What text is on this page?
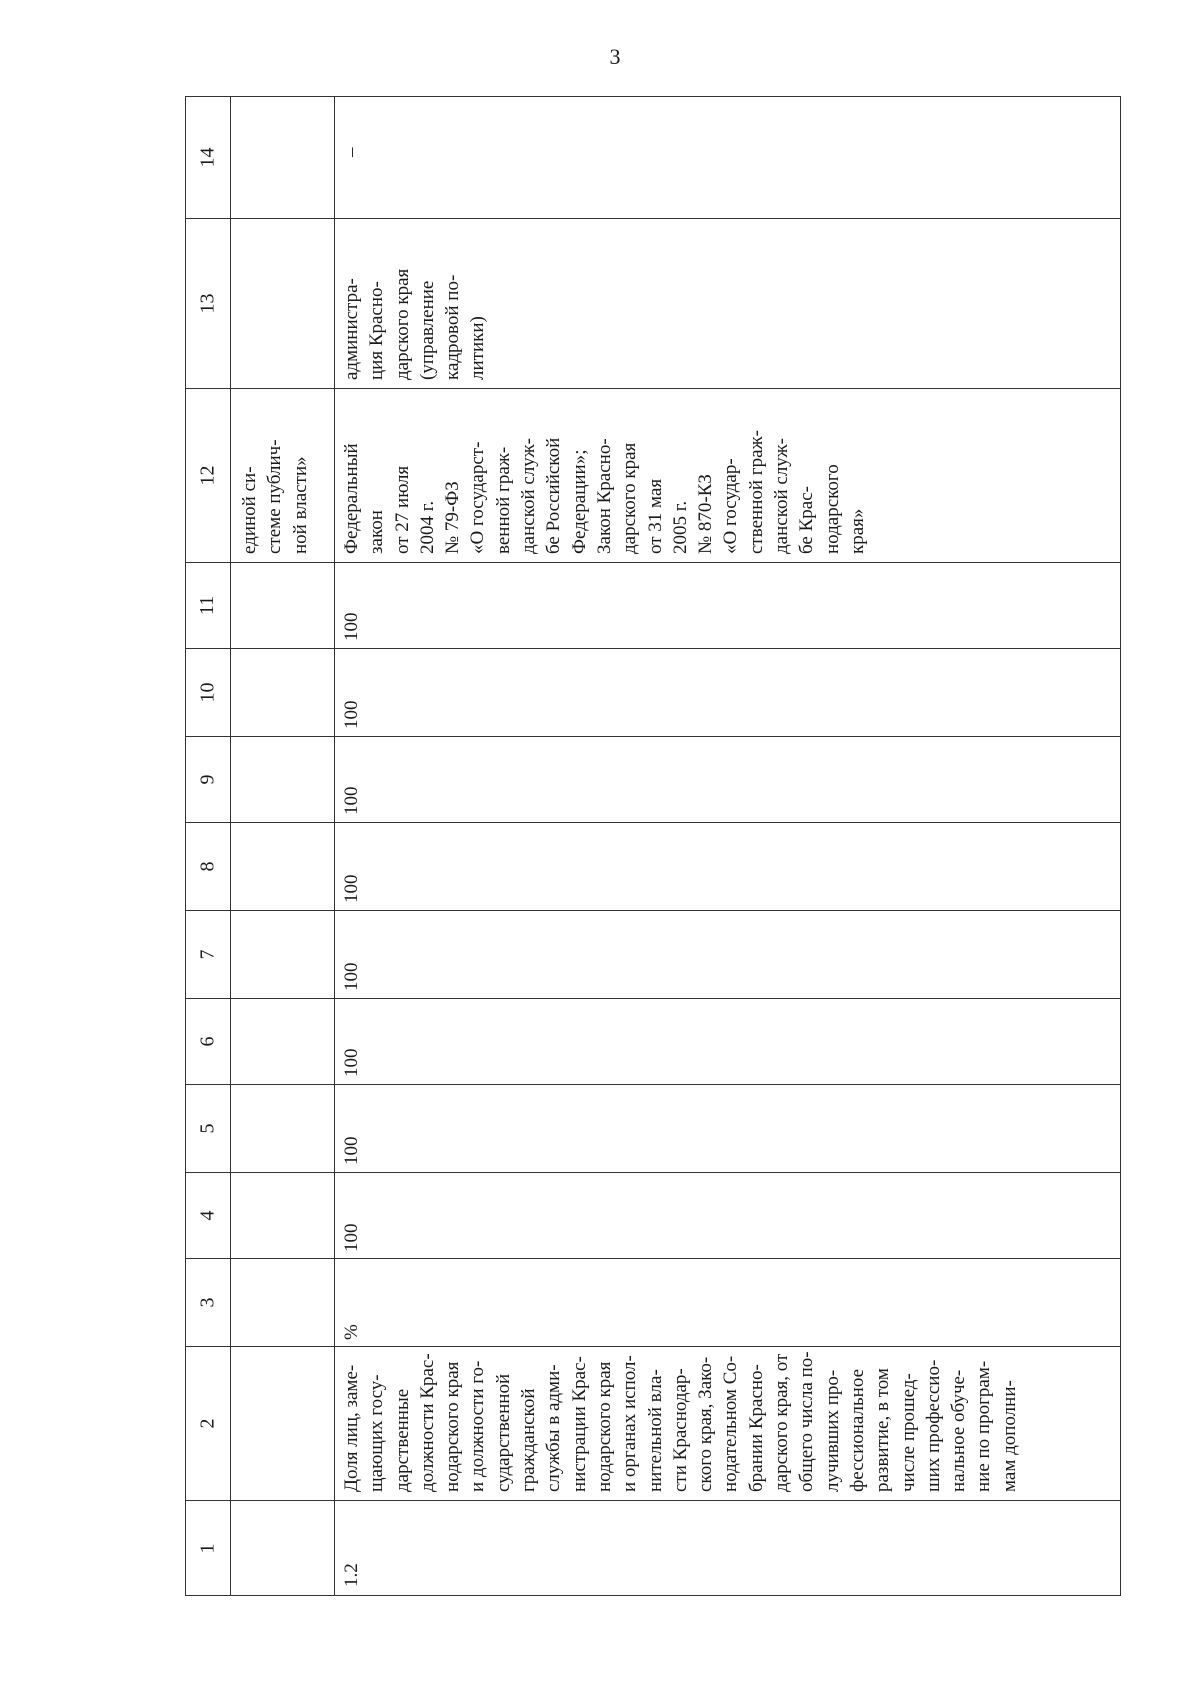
3
14
13
12
11
10
9
8
7
6
5
4
3
2
1
единой си-
стеме публич-
ной власти»
1.2
Доля лиц, заме-
щающих госу-
дарственные
должности Крас-
нодарского края
и должности го-
сударственной
гражданской
службы в адми-
нистрации Крас-
нодарского края
и органах испол-
нительной вла-
сти Краснодар-
ского края, Зако-
нодательном Со-
брании Красно-
дарского края, от
общего числа по-
лучивших про-
фессиональное
развитие, в том
числе прошед-
ших профессио-
нальное обуче-
ние по програм-
мам дополни-
%
100
100
100
100
100
100
100
100
Федеральный
закон
от 27 июля
2004 г.
№ 79-ФЗ
«О государст-
венной граж-
данской служ-
бе Российской
Федерации»;
Закон Красно-
дарского края
от 31 мая
2005 г.
№ 870-КЗ
«О государ-
ственной граж-
данской служ-
бе Крас-
нодарского
края»
администра-
ция Красно-
дарского края
(управление
кадровой по-
литики)
–
